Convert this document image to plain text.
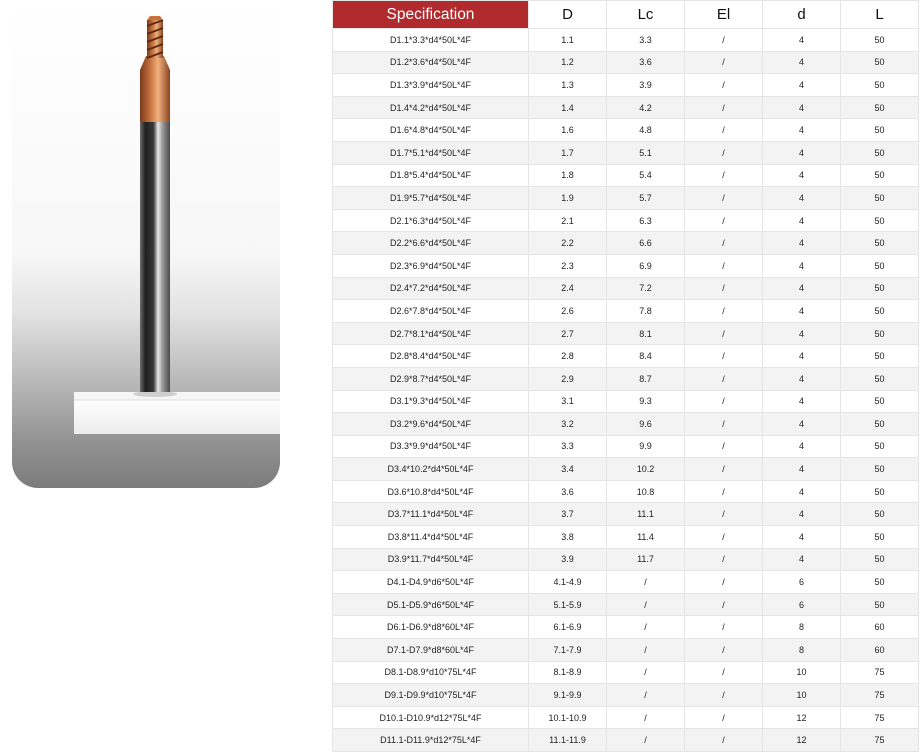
Specification	D	Lc	El	d	L
D1.1*3.3*d4*50L*4F	1.1	3.3	/	4	50
D1.2*3.6*d4*50L*4F	1.2	3.6	/	4	50
D1.3*3.9*d4*50L*4F	1.3	3.9	/	4	50
D1.4*4.2*d4*50L*4F	1.4	4.2	/	4	50
D1.6*4.8*d4*50L*4F	1.6	4.8	/	4	50
D1.7*5.1*d4*50L*4F	1.7	5.1	/	4	50
D1.8*5.4*d4*50L*4F	1.8	5.4	/	4	50
D1.9*5.7*d4*50L*4F	1.9	5.7	/	4	50
D2.1*6.3*d4*50L*4F	2.1	6.3	/	4	50
D2.2*6.6*d4*50L*4F	2.2	6.6	/	4	50
D2.3*6.9*d4*50L*4F	2.3	6.9	/	4	50
D2.4*7.2*d4*50L*4F	2.4	7.2	/	4	50
D2.6*7.8*d4*50L*4F	2.6	7.8	/	4	50
D2.7*8.1*d4*50L*4F	2.7	8.1	/	4	50
D2.8*8.4*d4*50L*4F	2.8	8.4	/	4	50
D2.9*8.7*d4*50L*4F	2.9	8.7	/	4	50
D3.1*9.3*d4*50L*4F	3.1	9.3	/	4	50
D3.2*9.6*d4*50L*4F	3.2	9.6	/	4	50
D3.3*9.9*d4*50L*4F	3.3	9.9	/	4	50
D3.4*10.2*d4*50L*4F	3.4	10.2	/	4	50
D3.6*10.8*d4*50L*4F	3.6	10.8	/	4	50
D3.7*11.1*d4*50L*4F	3.7	11.1	/	4	50
D3.8*11.4*d4*50L*4F	3.8	11.4	/	4	50
D3.9*11.7*d4*50L*4F	3.9	11.7	/	4	50
D4.1-D4.9*d6*50L*4F	4.1-4.9	/	/	6	50
D5.1-D5.9*d6*50L*4F	5.1-5.9	/	/	6	50
D6.1-D6.9*d8*60L*4F	6.1-6.9	/	/	8	60
D7.1-D7.9*d8*60L*4F	7.1-7.9	/	/	8	60
D8.1-D8.9*d10*75L*4F	8.1-8.9	/	/	10	75
D9.1-D9.9*d10*75L*4F	9.1-9.9	/	/	10	75
D10.1-D10.9*d12*75L*4F	10.1-10.9	/	/	12	75
D11.1-D11.9*d12*75L*4F	11.1-11.9	/	/	12	75
